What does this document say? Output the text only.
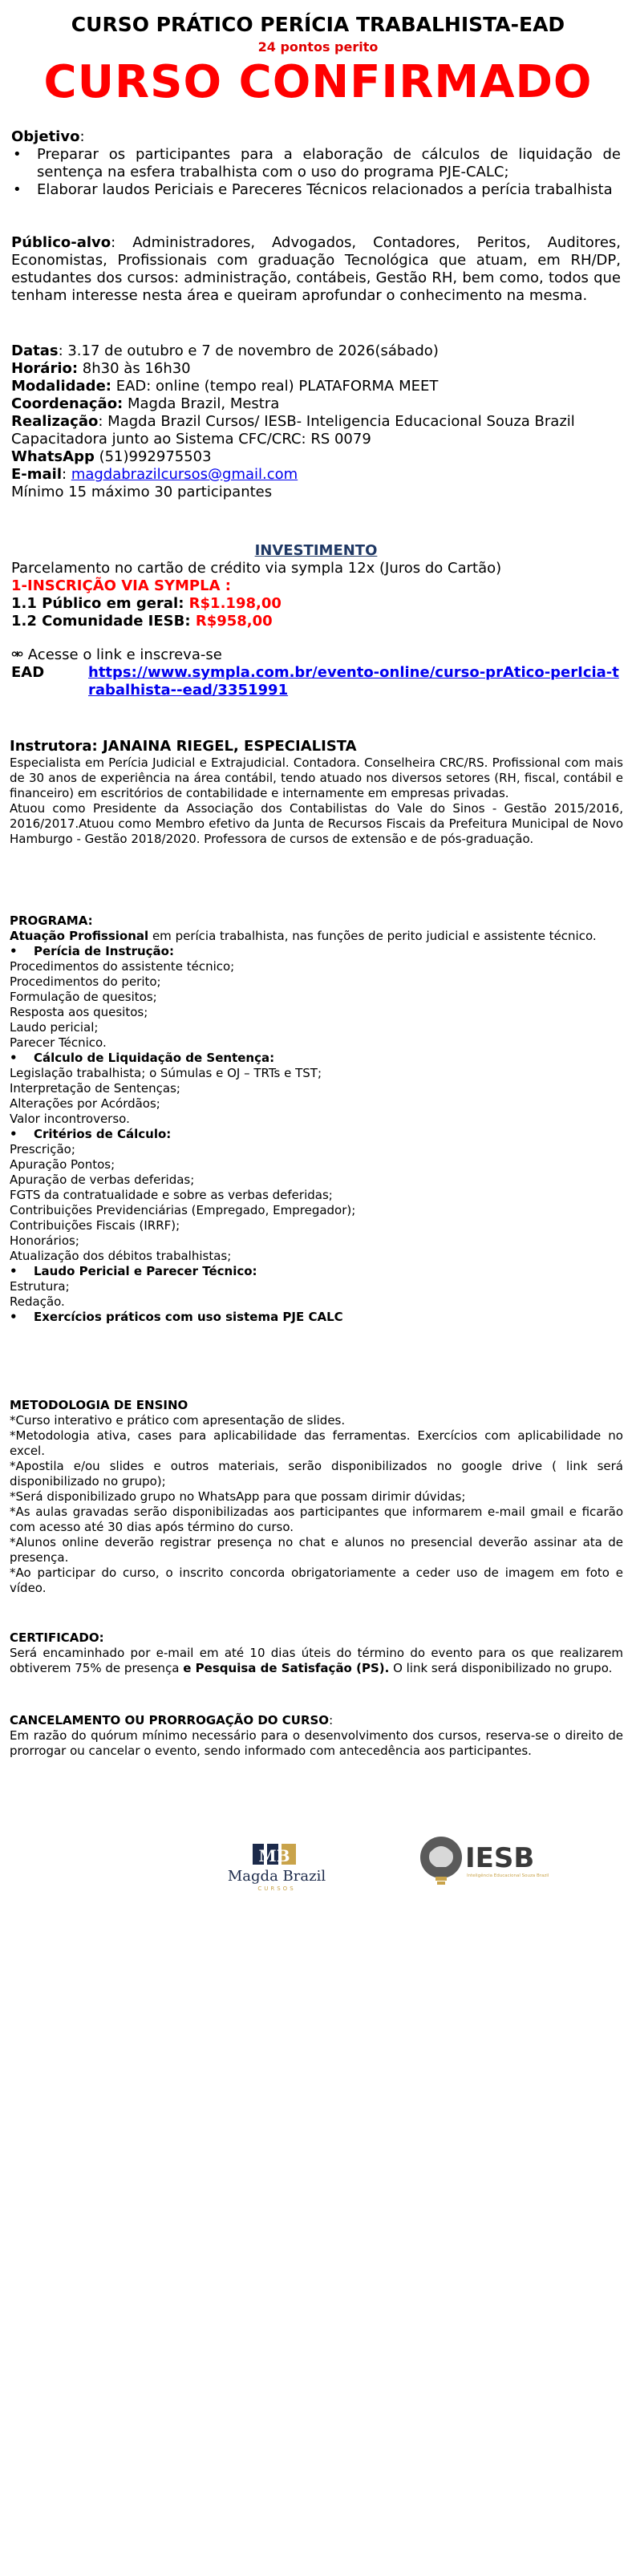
CURSO PRÁTICO PERÍCIA TRABALHISTA-EAD
24 pontos perito
CURSO CONFIRMADO
Objetivo:
• Preparar os participantes para a elaboração de cálculos de liquidação de sentença na esfera trabalhista com o uso do programa PJE-CALC;
• Elaborar laudos Periciais e Pareceres Técnicos relacionados a perícia trabalhista
Público-alvo: Administradores, Advogados, Contadores, Peritos, Auditores, Economistas, Profissionais com graduação Tecnológica que atuam, em RH/DP, estudantes dos cursos: administração, contábeis, Gestão RH, bem como, todos que tenham interesse nesta área e queiram aprofundar o conhecimento na mesma.
Datas: 3.17 de outubro e 7 de novembro de 2026(sábado)
Horário: 8h30 às 16h30
Modalidade: EAD: online (tempo real) PLATAFORMA MEET
Coordenação: Magda Brazil, Mestra
Realização: Magda Brazil Cursos/ IESB- Inteligencia Educacional Souza Brazil
Capacitadora junto ao Sistema CFC/CRC: RS 0079
WhatsApp (51)992975503
E-mail: magdabrazilcursos@gmail.com
Mínimo 15 máximo 30 participantes
INVESTIMENTO
Parcelamento no cartão de crédito via sympla 12x (Juros do Cartão)
1-INSCRIÇÃO VIA SYMPLA :
1.1 Público em geral: R$1.198,00
1.2 Comunidade IESB: R$958,00
⚮ Acesse o link e inscreva-se
EAD	https://www.sympla.com.br/evento-online/curso-prAtico-perIcia-trabalhista--ead/3351991
Instrutora: JANAINA RIEGEL, ESPECIALISTA
Especialista em Perícia Judicial e Extrajudicial. Contadora. Conselheira CRC/RS. Profissional com mais de 30 anos de experiência na área contábil, tendo atuado nos diversos setores (RH, fiscal, contábil e financeiro) em escritórios de contabilidade e internamente em empresas privadas.
Atuou como Presidente da Associação dos Contabilistas do Vale do Sinos - Gestão 2015/2016, 2016/2017.Atuou como Membro efetivo da Junta de Recursos Fiscais da Prefeitura Municipal de Novo Hamburgo - Gestão 2018/2020. Professora de cursos de extensão e de pós-graduação.
PROGRAMA:
Atuação Profissional em perícia trabalhista, nas funções de perito judicial e assistente técnico.
• Perícia de Instrução:
Procedimentos do assistente técnico;
Procedimentos do perito;
Formulação de quesitos;
Resposta aos quesitos;
Laudo pericial;
Parecer Técnico.
• Cálculo de Liquidação de Sentença:
Legislação trabalhista; o Súmulas e OJ – TRTs e TST;
Interpretação de Sentenças;
Alterações por Acórdãos;
Valor incontroverso.
• Critérios de Cálculo:
Prescrição;
Apuração Pontos;
Apuração de verbas deferidas;
FGTS da contratualidade e sobre as verbas deferidas;
Contribuições Previdenciárias (Empregado, Empregador);
Contribuições Fiscais (IRRF);
Honorários;
Atualização dos débitos trabalhistas;
• Laudo Pericial e Parecer Técnico:
Estrutura;
Redação.
• Exercícios práticos com uso sistema PJE CALC
METODOLOGIA DE ENSINO
*Curso interativo e prático com apresentação de slides.
*Metodologia ativa, cases para aplicabilidade das ferramentas. Exercícios com aplicabilidade no excel.
*Apostila e/ou slides e outros materiais, serão disponibilizados no google drive ( link será disponibilizado no grupo);
*Será disponibilizado grupo no WhatsApp para que possam dirimir dúvidas;
*As aulas gravadas serão disponibilizadas aos participantes que informarem e-mail gmail e ficarão com acesso até 30 dias após término do curso.
*Alunos online deverão registrar presença no chat e alunos no presencial deverão assinar ata de presença.
*Ao participar do curso, o inscrito concorda obrigatoriamente a ceder uso de imagem em foto e vídeo.
CERTIFICADO:
Será encaminhado por e-mail em até 10 dias úteis do término do evento para os que realizarem obtiverem 75% de presença e Pesquisa de Satisfação (PS). O link será disponibilizado no grupo.
CANCELAMENTO OU PRORROGAÇÃO DO CURSO:
Em razão do quórum mínimo necessário para o desenvolvimento dos cursos, reserva-se o direito de prorrogar ou cancelar o evento, sendo informado com antecedência aos participantes.
MB
Magda Brazil
CURSOS
IESB
Inteligência Educacional Souza Brazil
